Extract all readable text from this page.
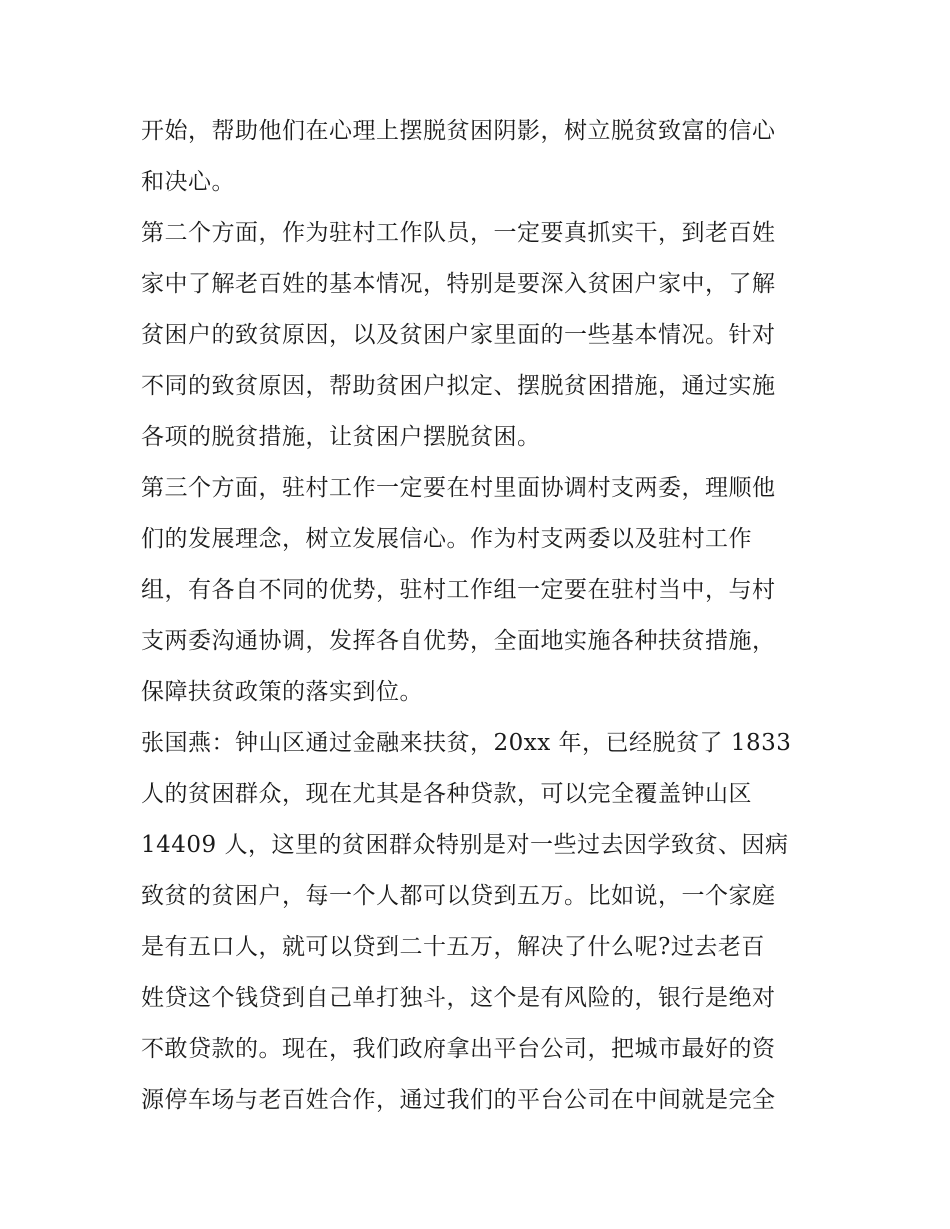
开始，帮助他们在心理上摆脱贫困阴影，树立脱贫致富的信心
和决心。
第二个方面，作为驻村工作队员，一定要真抓实干，到老百姓
家中了解老百姓的基本情况，特别是要深入贫困户家中，了解
贫困户的致贫原因，以及贫困户家里面的一些基本情况。针对
不同的致贫原因，帮助贫困户拟定、摆脱贫困措施，通过实施
各项的脱贫措施，让贫困户摆脱贫困。
第三个方面，驻村工作一定要在村里面协调村支两委，理顺他
们的发展理念，树立发展信心。作为村支两委以及驻村工作
组，有各自不同的优势，驻村工作组一定要在驻村当中，与村
支两委沟通协调，发挥各自优势，全面地实施各种扶贫措施，
保障扶贫政策的落实到位。
张国燕：钟山区通过金融来扶贫，20xx 年，已经脱贫了 1833
人的贫困群众，现在尤其是各种贷款，可以完全覆盖钟山区
14409 人，这里的贫困群众特别是对一些过去因学致贫、因病
致贫的贫困户，每一个人都可以贷到五万。比如说，一个家庭
是有五口人，就可以贷到二十五万，解决了什么呢?过去老百
姓贷这个钱贷到自己单打独斗，这个是有风险的，银行是绝对
不敢贷款的。现在，我们政府拿出平台公司，把城市最好的资
源停车场与老百姓合作，通过我们的平台公司在中间就是完全
